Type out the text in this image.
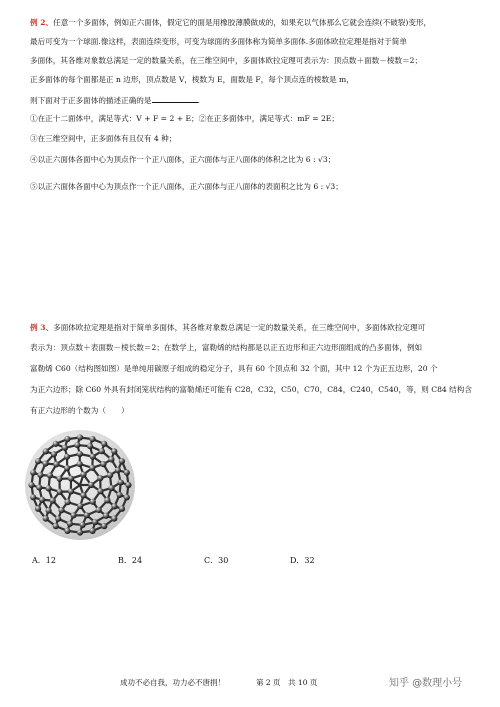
例 2、任意一个多面体，例如正六面体，假定它的面是用橡胶薄膜做成的，如果充以气体那么它就会连续(不破裂)变形，
最后可变为一个球面.像这样，表面连续变形，可变为球面的多面体称为简单多面体.多面体欧拉定理是指对于简单
多面体，其各维对象数总满足一定的数量关系，在三维空间中，多面体欧拉定理可表示为：顶点数＋面数－棱数＝2；
正多面体的每个面都是正 n 边形，顶点数是 V，棱数为 E，面数是 F，每个顶点连的棱数是 m，
则下面对于正多面体的描述正确的是	.
①在正十二面体中，满足等式：V + F = 2 + E；②在正多面体中，满足等式：mF = 2E；
③在三维空间中，正多面体有且仅有 4 种；
④以正六面体各面中心为顶点作一个正八面体，正六面体与正八面体的体积之比为 6 : √3；
⑤以正六面体各面中心为顶点作一个正八面体，正六面体与正八面体的表面积之比为 6 : √3；
例 3、多面体欧拉定理是指对于简单多面体，其各维对象数总满足一定的数量关系，在三维空间中，多面体欧拉定理可
表示为：顶点数＋表面数－棱长数＝2；在数学上，富勒烯的结构都是以正五边形和正六边形面组成的凸多面体，例如
富勒烯 C60（结构图如图）是单纯用碳原子组成的稳定分子，具有 60 个顶点和 32 个面，其中 12 个为正五边形，20 个
为正六边形；除 C60 外具有封闭笼状结构的富勒烯还可能有 C28，C32，C50，C70，C84，C240，C540，等，则 C84 结构含
有正六边形的个数为（　　）
A．12	B．24	C．30	D．32
成功不必自我，功力必不唐捐！	第 2 页　共 10 页	知乎 @数理小号
